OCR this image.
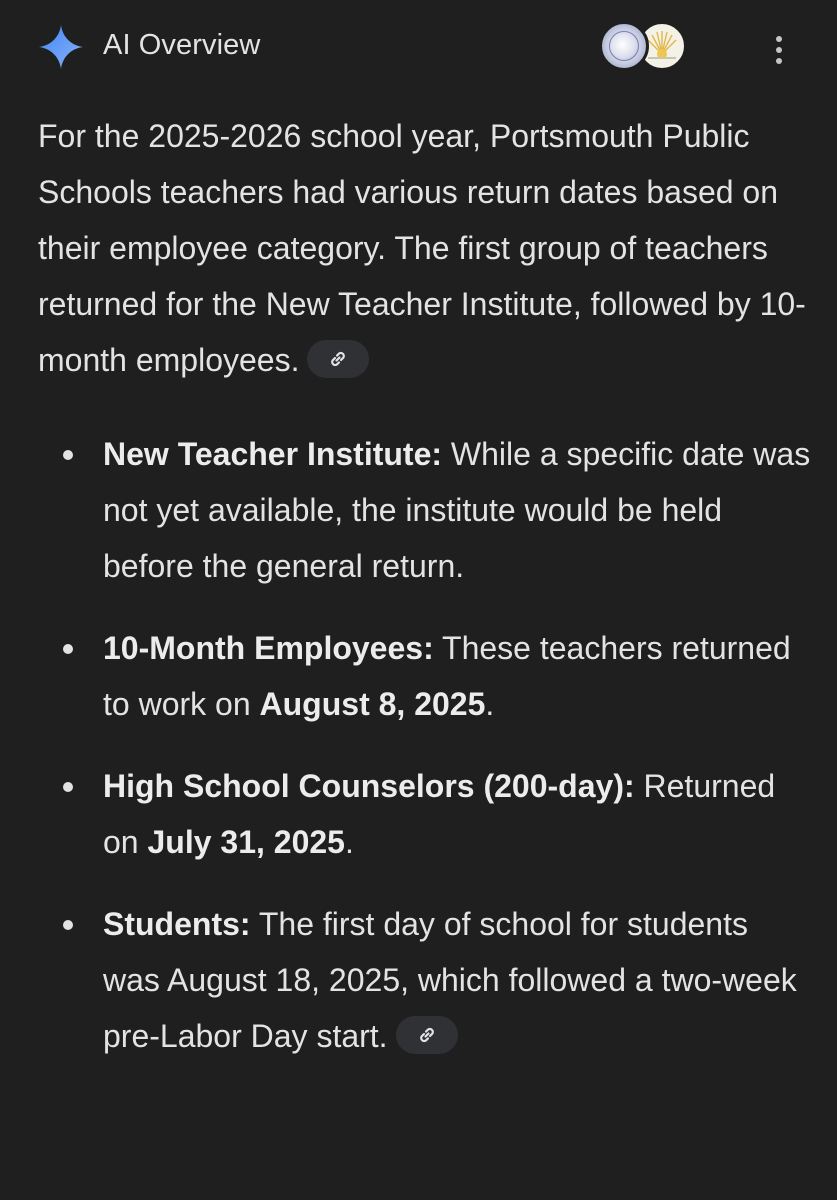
AI Overview

For the 2025-2026 school year, Portsmouth Public Schools teachers had various return dates based on their employee category. The first group of teachers returned for the New Teacher Institute, followed by 10-month employees.

New Teacher Institute: While a specific date was not yet available, the institute would be held before the general return.
10-Month Employees: These teachers returned to work on August 8, 2025.
High School Counselors (200-day): Returned on July 31, 2025.
Students: The first day of school for students was August 18, 2025, which followed a two-week pre-Labor Day start.
